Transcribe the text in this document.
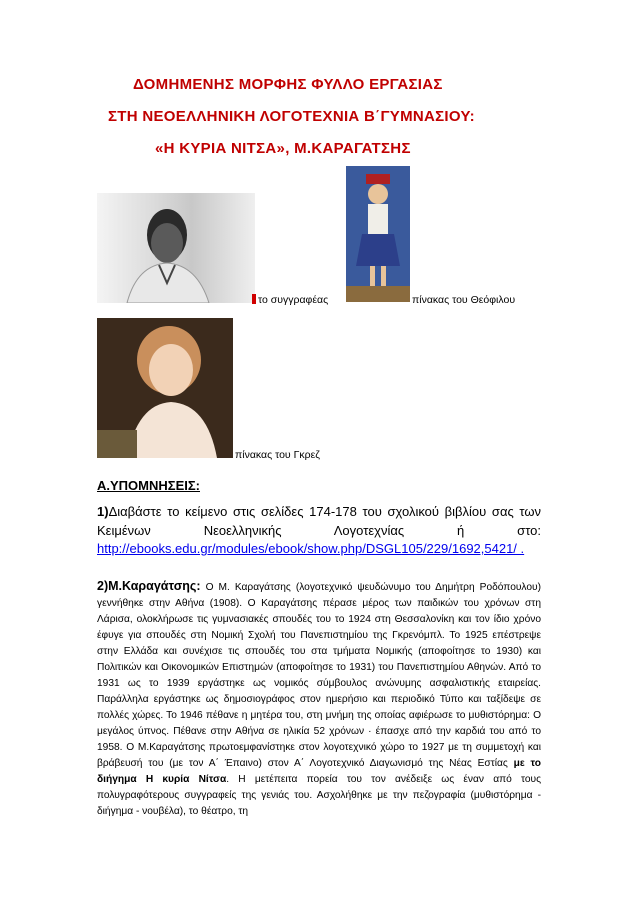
ΔΟΜΗΜΕΝΗΣ ΜΟΡΦΗΣ ΦΥΛΛΟ ΕΡΓΑΣΙΑΣ
ΣΤΗ ΝΕΟΕΛΛΗΝΙΚΗ ΛΟΓΟΤΕΧΝΙΑ Β΄ΓΥΜΝΑΣΙΟΥ:
«Η ΚΥΡΙΑ ΝΙΤΣΑ», Μ.ΚΑΡΑΓΑΤΣΗΣ
το συγγραφέας	πίνακας του Θεόφιλου
πίνακας του Γκρεζ
Α.ΥΠΟΜΝΗΣΕΙΣ:
1)Διαβάστε το κείμενο στις σελίδες 174-178 του σχολικού βιβλίου σας των Κειμένων Νεοελληνικής Λογοτεχνίας ή στο: http://ebooks.edu.gr/modules/ebook/show.php/DSGL105/229/1692,5421/ .
2)Μ.Καραγάτσης: Ο Μ. Καραγάτσης (λογοτεχνικό ψευδώνυμο του Δημήτρη Ροδόπουλου) γεννήθηκε στην Αθήνα (1908). Ο Καραγάτσης πέρασε μέρος των παιδικών του χρόνων στη Λάρισα, ολοκλήρωσε τις γυμνασιακές σπουδές του το 1924 στη Θεσσαλονίκη και τον ίδιο χρόνο έφυγε για σπουδές στη Νομική Σχολή του Πανεπιστημίου της Γκρενόμπλ. Το 1925 επέστρεψε στην Ελλάδα και συνέχισε τις σπουδές του στα τμήματα Νομικής (αποφοίτησε το 1930) και Πολιτικών και Οικονομικών Επιστημών (αποφοίτησε το 1931) του Πανεπιστημίου Αθηνών. Από το 1931 ως το 1939 εργάστηκε ως νομικός σύμβουλος ανώνυμης ασφαλιστικής εταιρείας. Παράλληλα εργάστηκε ως δημοσιογράφος στον ημερήσιο και περιοδικό Τύπο και ταξίδεψε σε πολλές χώρες. Το 1946 πέθανε η μητέρα του, στη μνήμη της οποίας αφιέρωσε το μυθιστόρημα: Ο μεγάλος ύπνος. Πέθανε στην Αθήνα σε ηλικία 52 χρόνων · έπασχε από την καρδιά του από το 1958. Ο Μ.Καραγάτσης πρωτοεμφανίστηκε στον λογοτεχνικό χώρο το 1927 με τη συμμετοχή και βράβευσή του (με τον Α΄ Έπαινο) στον Α΄ Λογοτεχνικό Διαγωνισμό της Νέας Εστίας με το διήγημα Η κυρία Νίτσα. Η μετέπειτα πορεία του τον ανέδειξε ως έναν από τους πολυγραφότερους συγγραφείς της γενιάς του. Ασχολήθηκε με την πεζογραφία (μυθιστόρημα - διήγημα - νουβέλα), το θέατρο, τη
